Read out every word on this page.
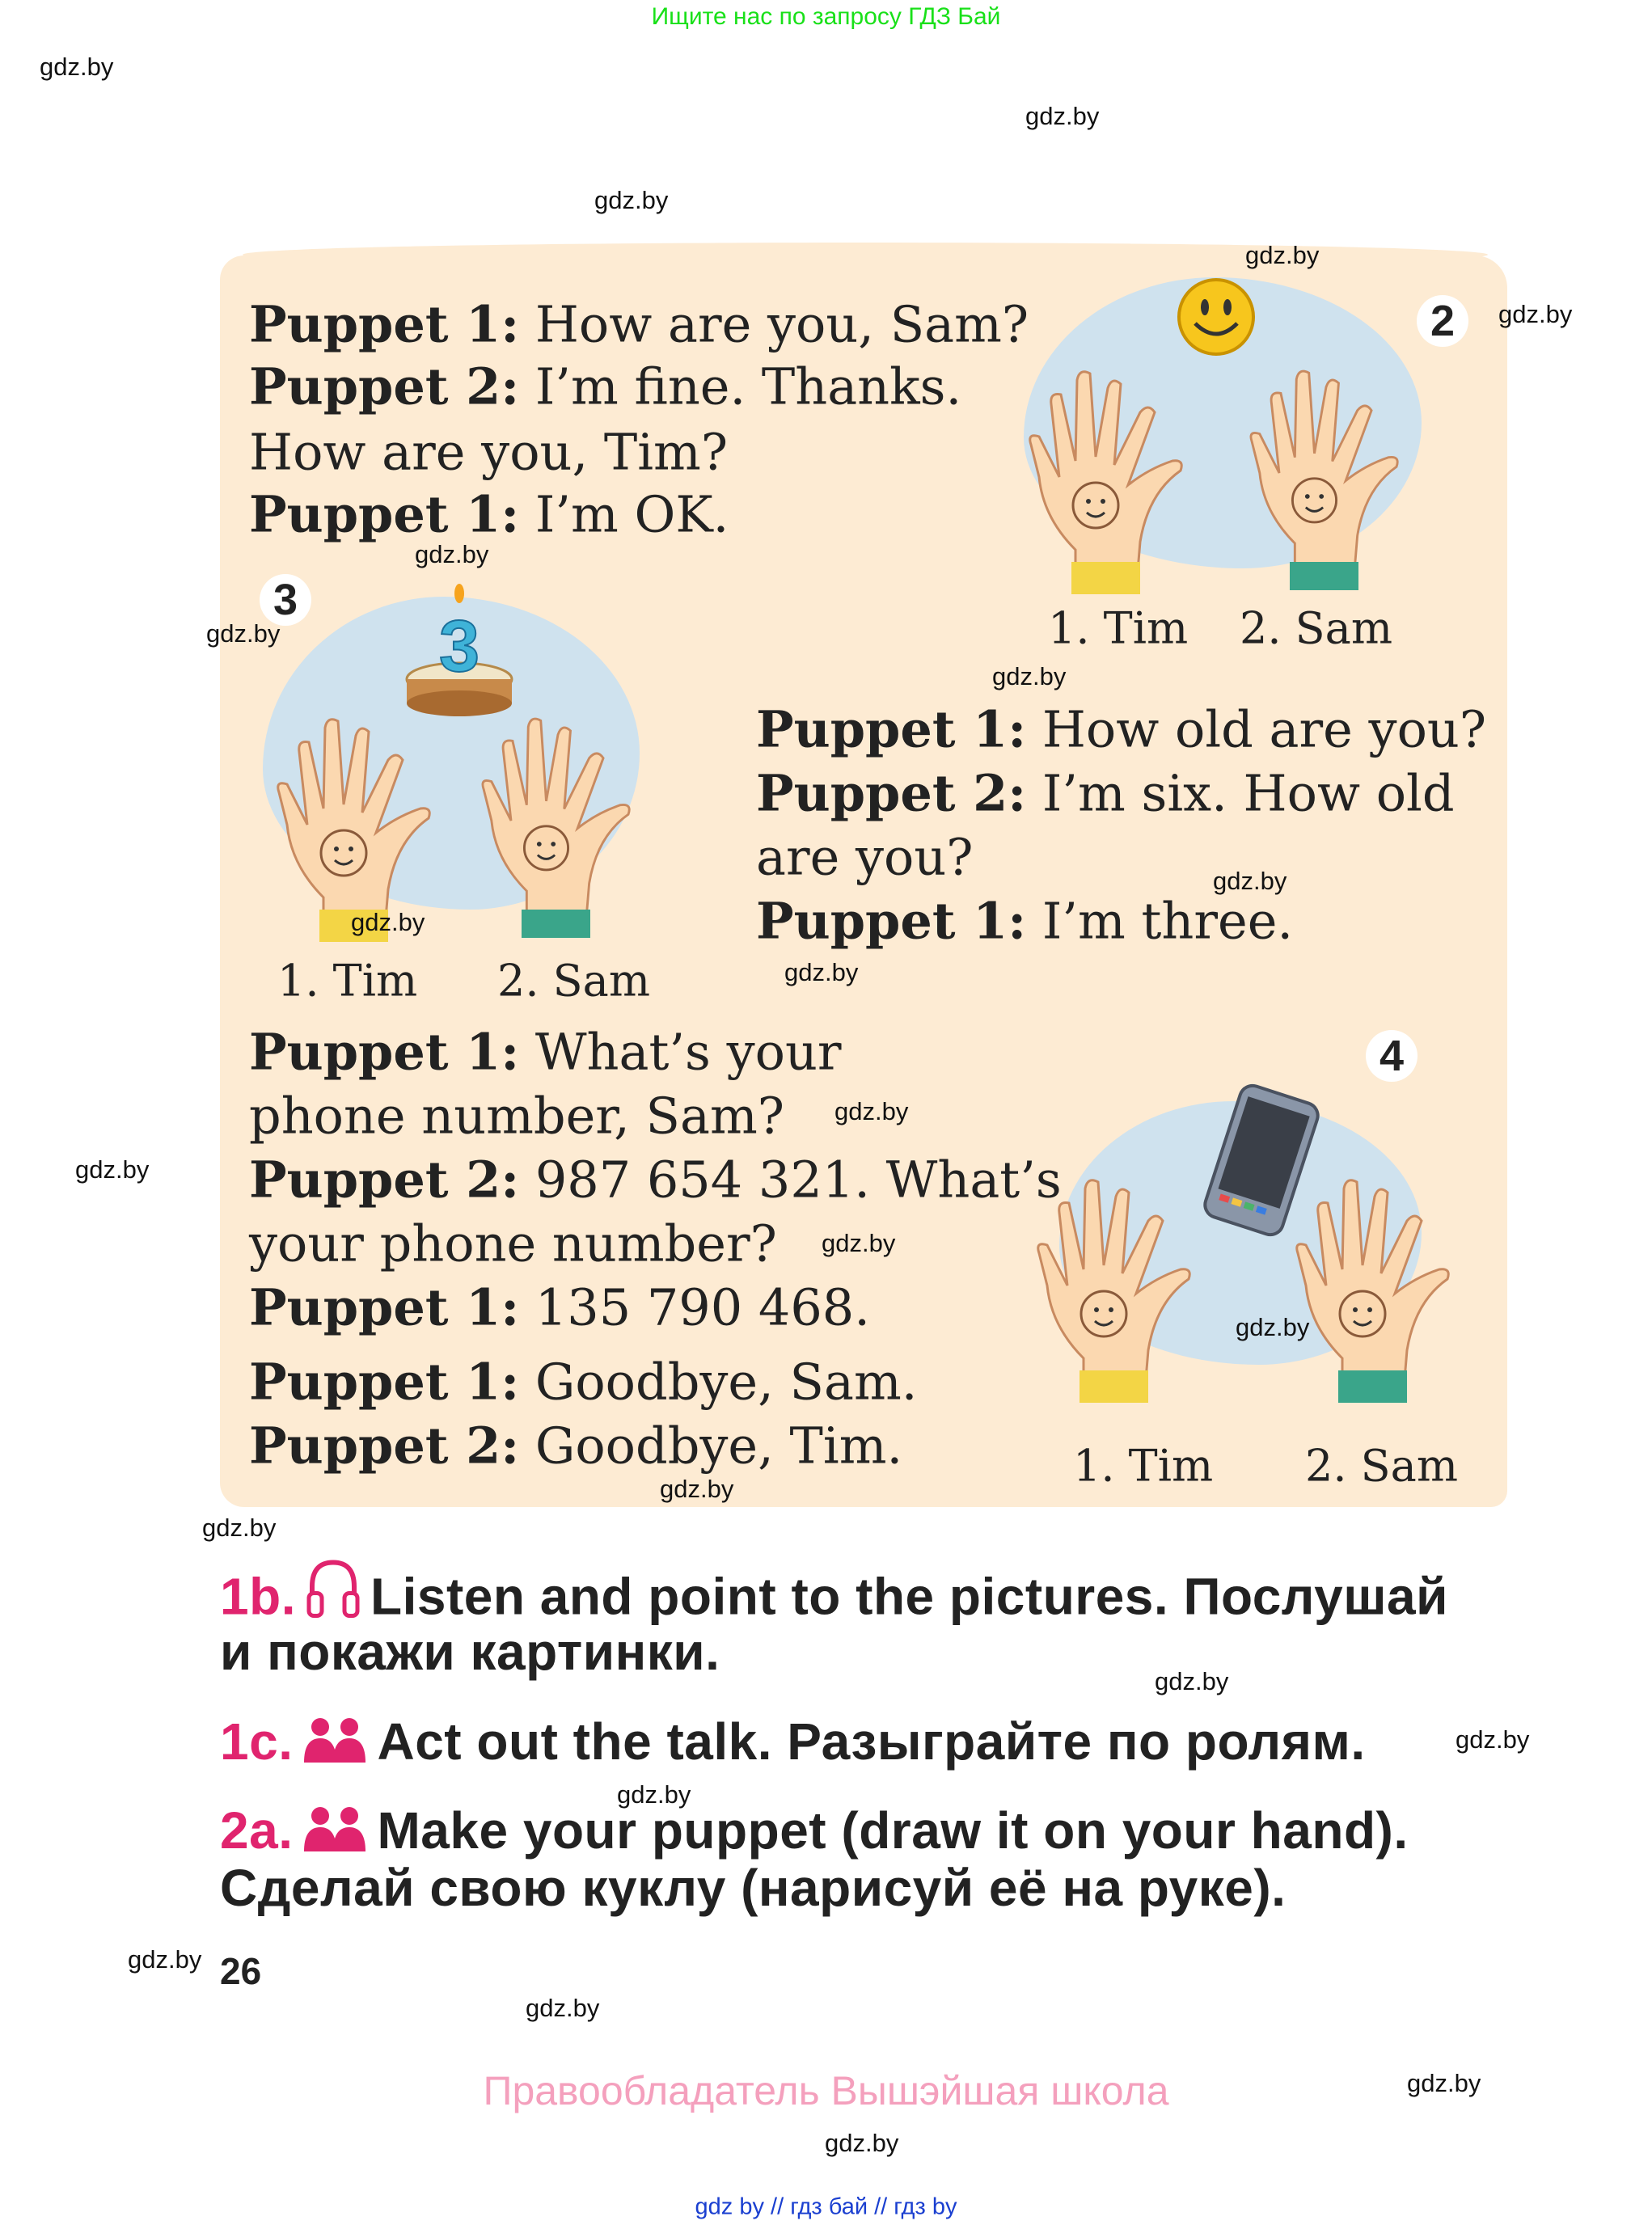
Ищите нас по запросу ГДЗ Бай
2
1. Tim 2. Sam
Puppet 1: How are you, Sam?
Puppet 2: I’m fine. Thanks.
How are you, Tim?
Puppet 1: I’m OK.
3
3
1. Tim 2. Sam
Puppet 1: How old are you?
Puppet 2: I’m six. How old
are you?
Puppet 1: I’m three.
4
1. Tim 2. Sam
Puppet 1: What’s your
phone number, Sam?
Puppet 2: 987 654 321. What’s
your phone number?
Puppet 1: 135 790 468.
Puppet 1: Goodbye, Sam.
Puppet 2: Goodbye, Tim.
1b. Listen and point to the pictures. Послушай
и покажи картинки.
1c. Act out the talk. Разыграйте по ролям.
2a. Make your puppet (draw it on your hand).
Сделай свою куклу (нарисуй её на руке).
26
Правообладатель Вышэйшая школа
gdz by // гдз бай // гдз by
gdz.by
gdz.by
gdz.by
gdz.by
gdz.by
gdz.by
gdz.by
gdz.by
gdz.by
gdz.by
gdz.by
gdz.by
gdz.by
gdz.by
gdz.by
gdz.by
gdz.by
gdz.by
gdz.by
gdz.by
gdz.by
gdz.by
gdz.by
gdz.by
